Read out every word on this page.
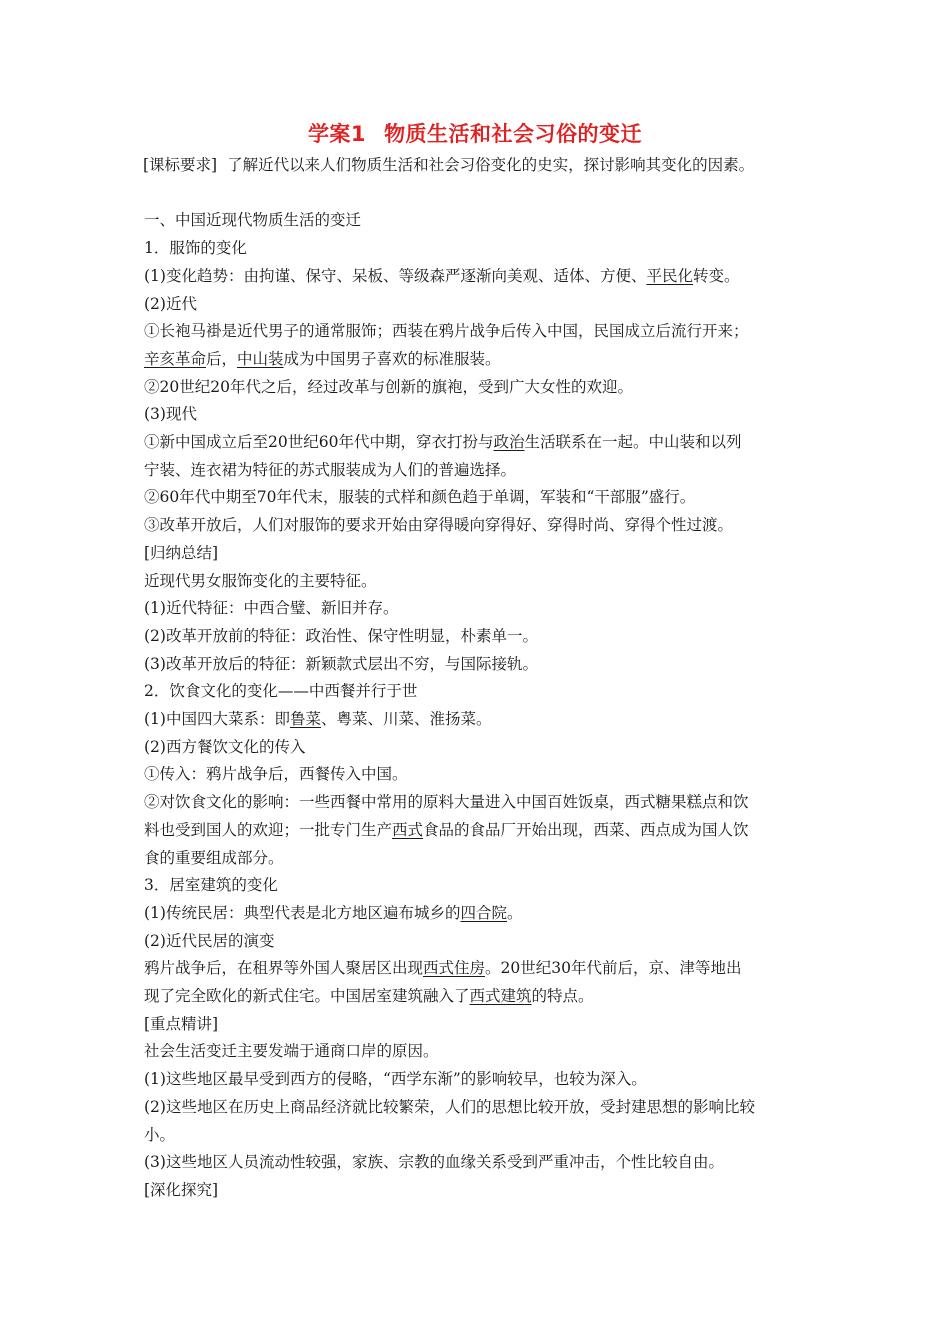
学案1 物质生活和社会习俗的变迁
[课标要求] 了解近代以来人们物质生活和社会习俗变化的史实，探讨影响其变化的因素。
一、中国近现代物质生活的变迁
1．服饰的变化
(1)变化趋势：由拘谨、保守、呆板、等级森严逐渐向美观、适体、方便、平民化转变。
(2)近代
①长袍马褂是近代男子的通常服饰；西装在鸦片战争后传入中国，民国成立后流行开来；
辛亥革命后，中山装成为中国男子喜欢的标准服装。
②20世纪20年代之后，经过改革与创新的旗袍，受到广大女性的欢迎。
(3)现代
①新中国成立后至20世纪60年代中期，穿衣打扮与政治生活联系在一起。中山装和以列
宁装、连衣裙为特征的苏式服装成为人们的普遍选择。
②60年代中期至70年代末，服装的式样和颜色趋于单调，军装和“干部服”盛行。
③改革开放后，人们对服饰的要求开始由穿得暖向穿得好、穿得时尚、穿得个性过渡。
[归纳总结]
近现代男女服饰变化的主要特征。
(1)近代特征：中西合璧、新旧并存。
(2)改革开放前的特征：政治性、保守性明显，朴素单一。
(3)改革开放后的特征：新颖款式层出不穷，与国际接轨。
2．饮食文化的变化——中西餐并行于世
(1)中国四大菜系：即鲁菜、粤菜、川菜、淮扬菜。
(2)西方餐饮文化的传入
①传入：鸦片战争后，西餐传入中国。
②对饮食文化的影响：一些西餐中常用的原料大量进入中国百姓饭桌，西式糖果糕点和饮
料也受到国人的欢迎；一批专门生产西式食品的食品厂开始出现，西菜、西点成为国人饮
食的重要组成部分。
3．居室建筑的变化
(1)传统民居：典型代表是北方地区遍布城乡的四合院。
(2)近代民居的演变
鸦片战争后，在租界等外国人聚居区出现西式住房。20世纪30年代前后，京、津等地出
现了完全欧化的新式住宅。中国居室建筑融入了西式建筑的特点。
[重点精讲]
社会生活变迁主要发端于通商口岸的原因。
(1)这些地区最早受到西方的侵略，“西学东渐”的影响较早，也较为深入。
(2)这些地区在历史上商品经济就比较繁荣，人们的思想比较开放，受封建思想的影响比较
小。
(3)这些地区人员流动性较强，家族、宗教的血缘关系受到严重冲击，个性比较自由。
[深化探究]
